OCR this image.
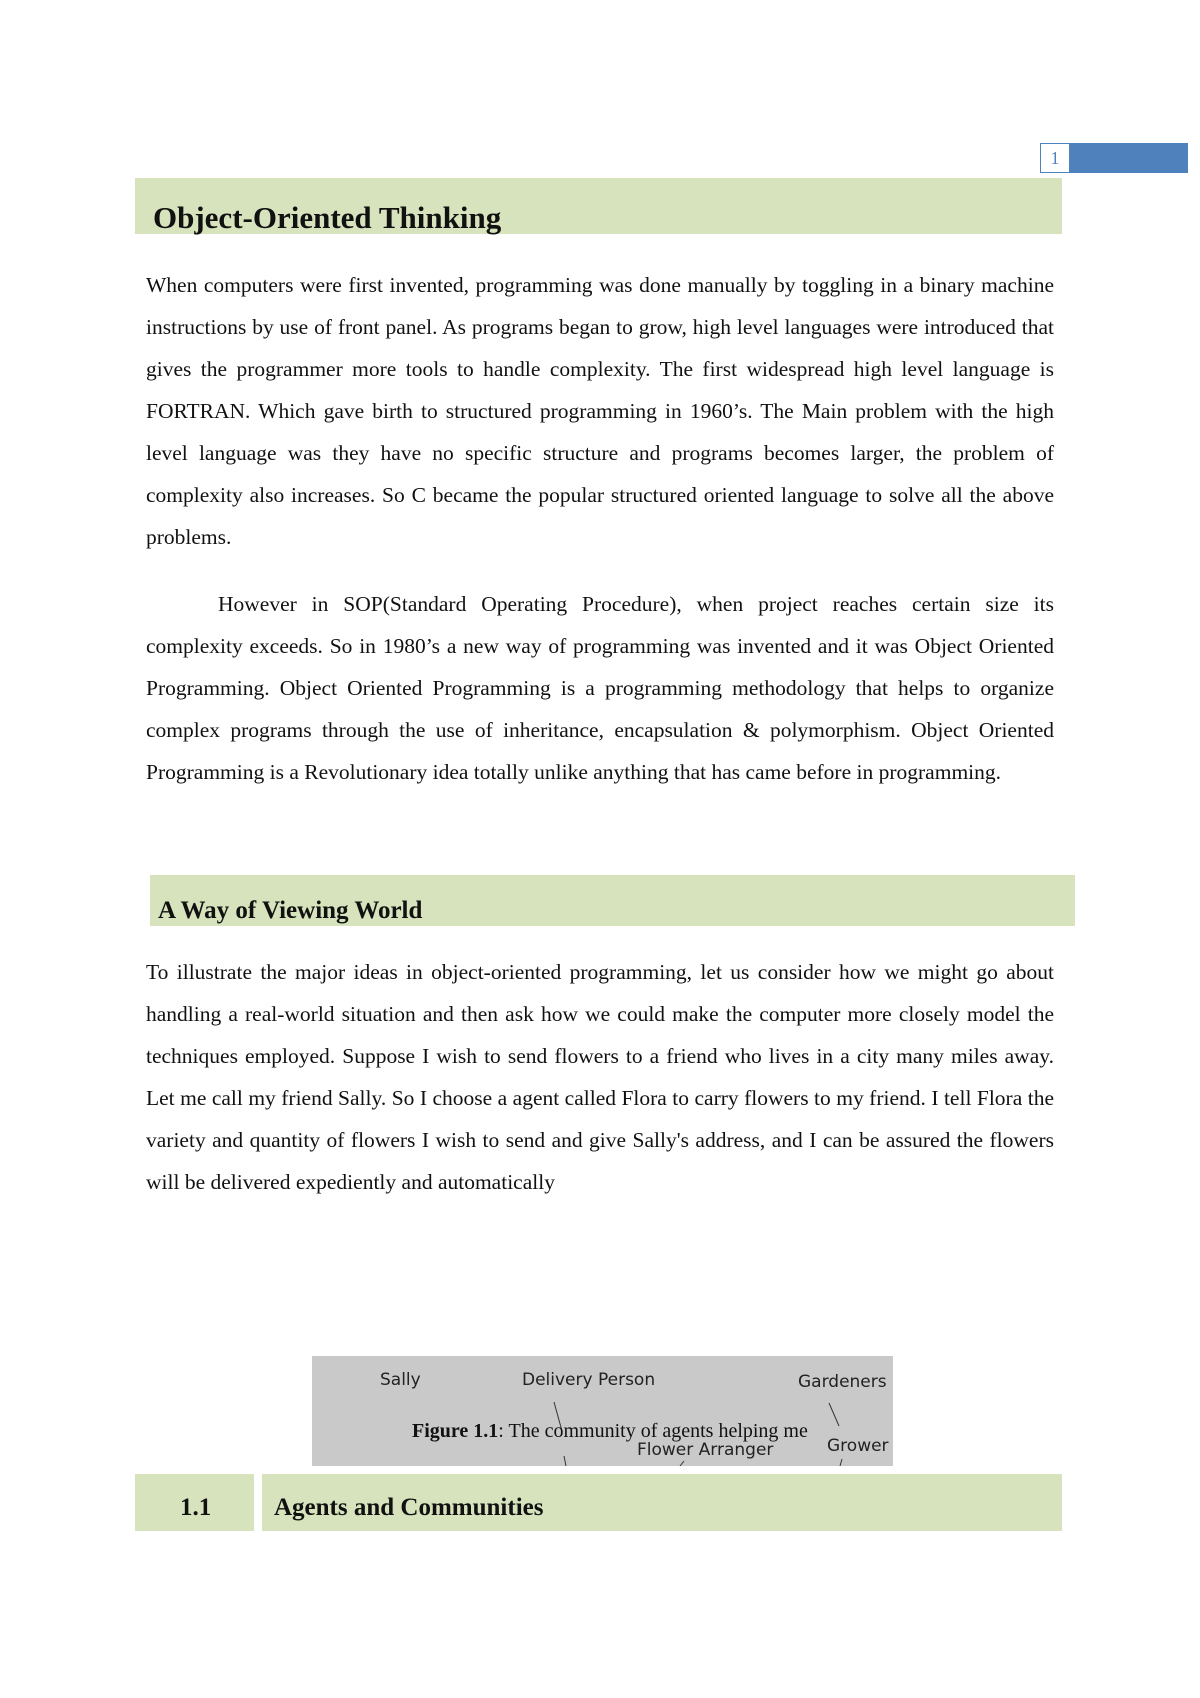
1
Object-Oriented Thinking

When computers were first invented, programming was done manually by toggling in a binary machine instructions by use of front panel. As programs began to grow, high level languages were introduced that gives the programmer more tools to handle complexity. The first widespread high level language is FORTRAN. Which gave birth to structured programming in 1960’s. The Main problem with the high level language was they have no specific structure and programs becomes larger, the problem of complexity also increases. So C became the popular structured oriented language to solve all the above problems.

However in SOP(Standard Operating Procedure), when project reaches certain size its complexity exceeds. So in 1980’s a new way of programming was invented and it was Object Oriented Programming. Object Oriented Programming is a programming methodology that helps to organize complex programs through the use of inheritance, encapsulation & polymorphism. Object Oriented Programming is a Revolutionary idea totally unlike anything that has came before in programming.

A Way of Viewing World

To illustrate the major ideas in object-oriented programming, let us consider how we might go about handling a real-world situation and then ask how we could make the computer more closely model the techniques employed. Suppose I wish to send flowers to a friend who lives in a city many miles away. Let me call my friend Sally. So I choose a agent called Flora to carry flowers to my friend. I tell Flora the variety and quantity of flowers I wish to send and give Sally's address, and I can be assured the flowers will be delivered expediently and automatically

Sally	Delivery Person	Gardeners
Flower Arranger	Grower
Figure 1.1: The community of agents helping me
1.1	Agents and Communities
